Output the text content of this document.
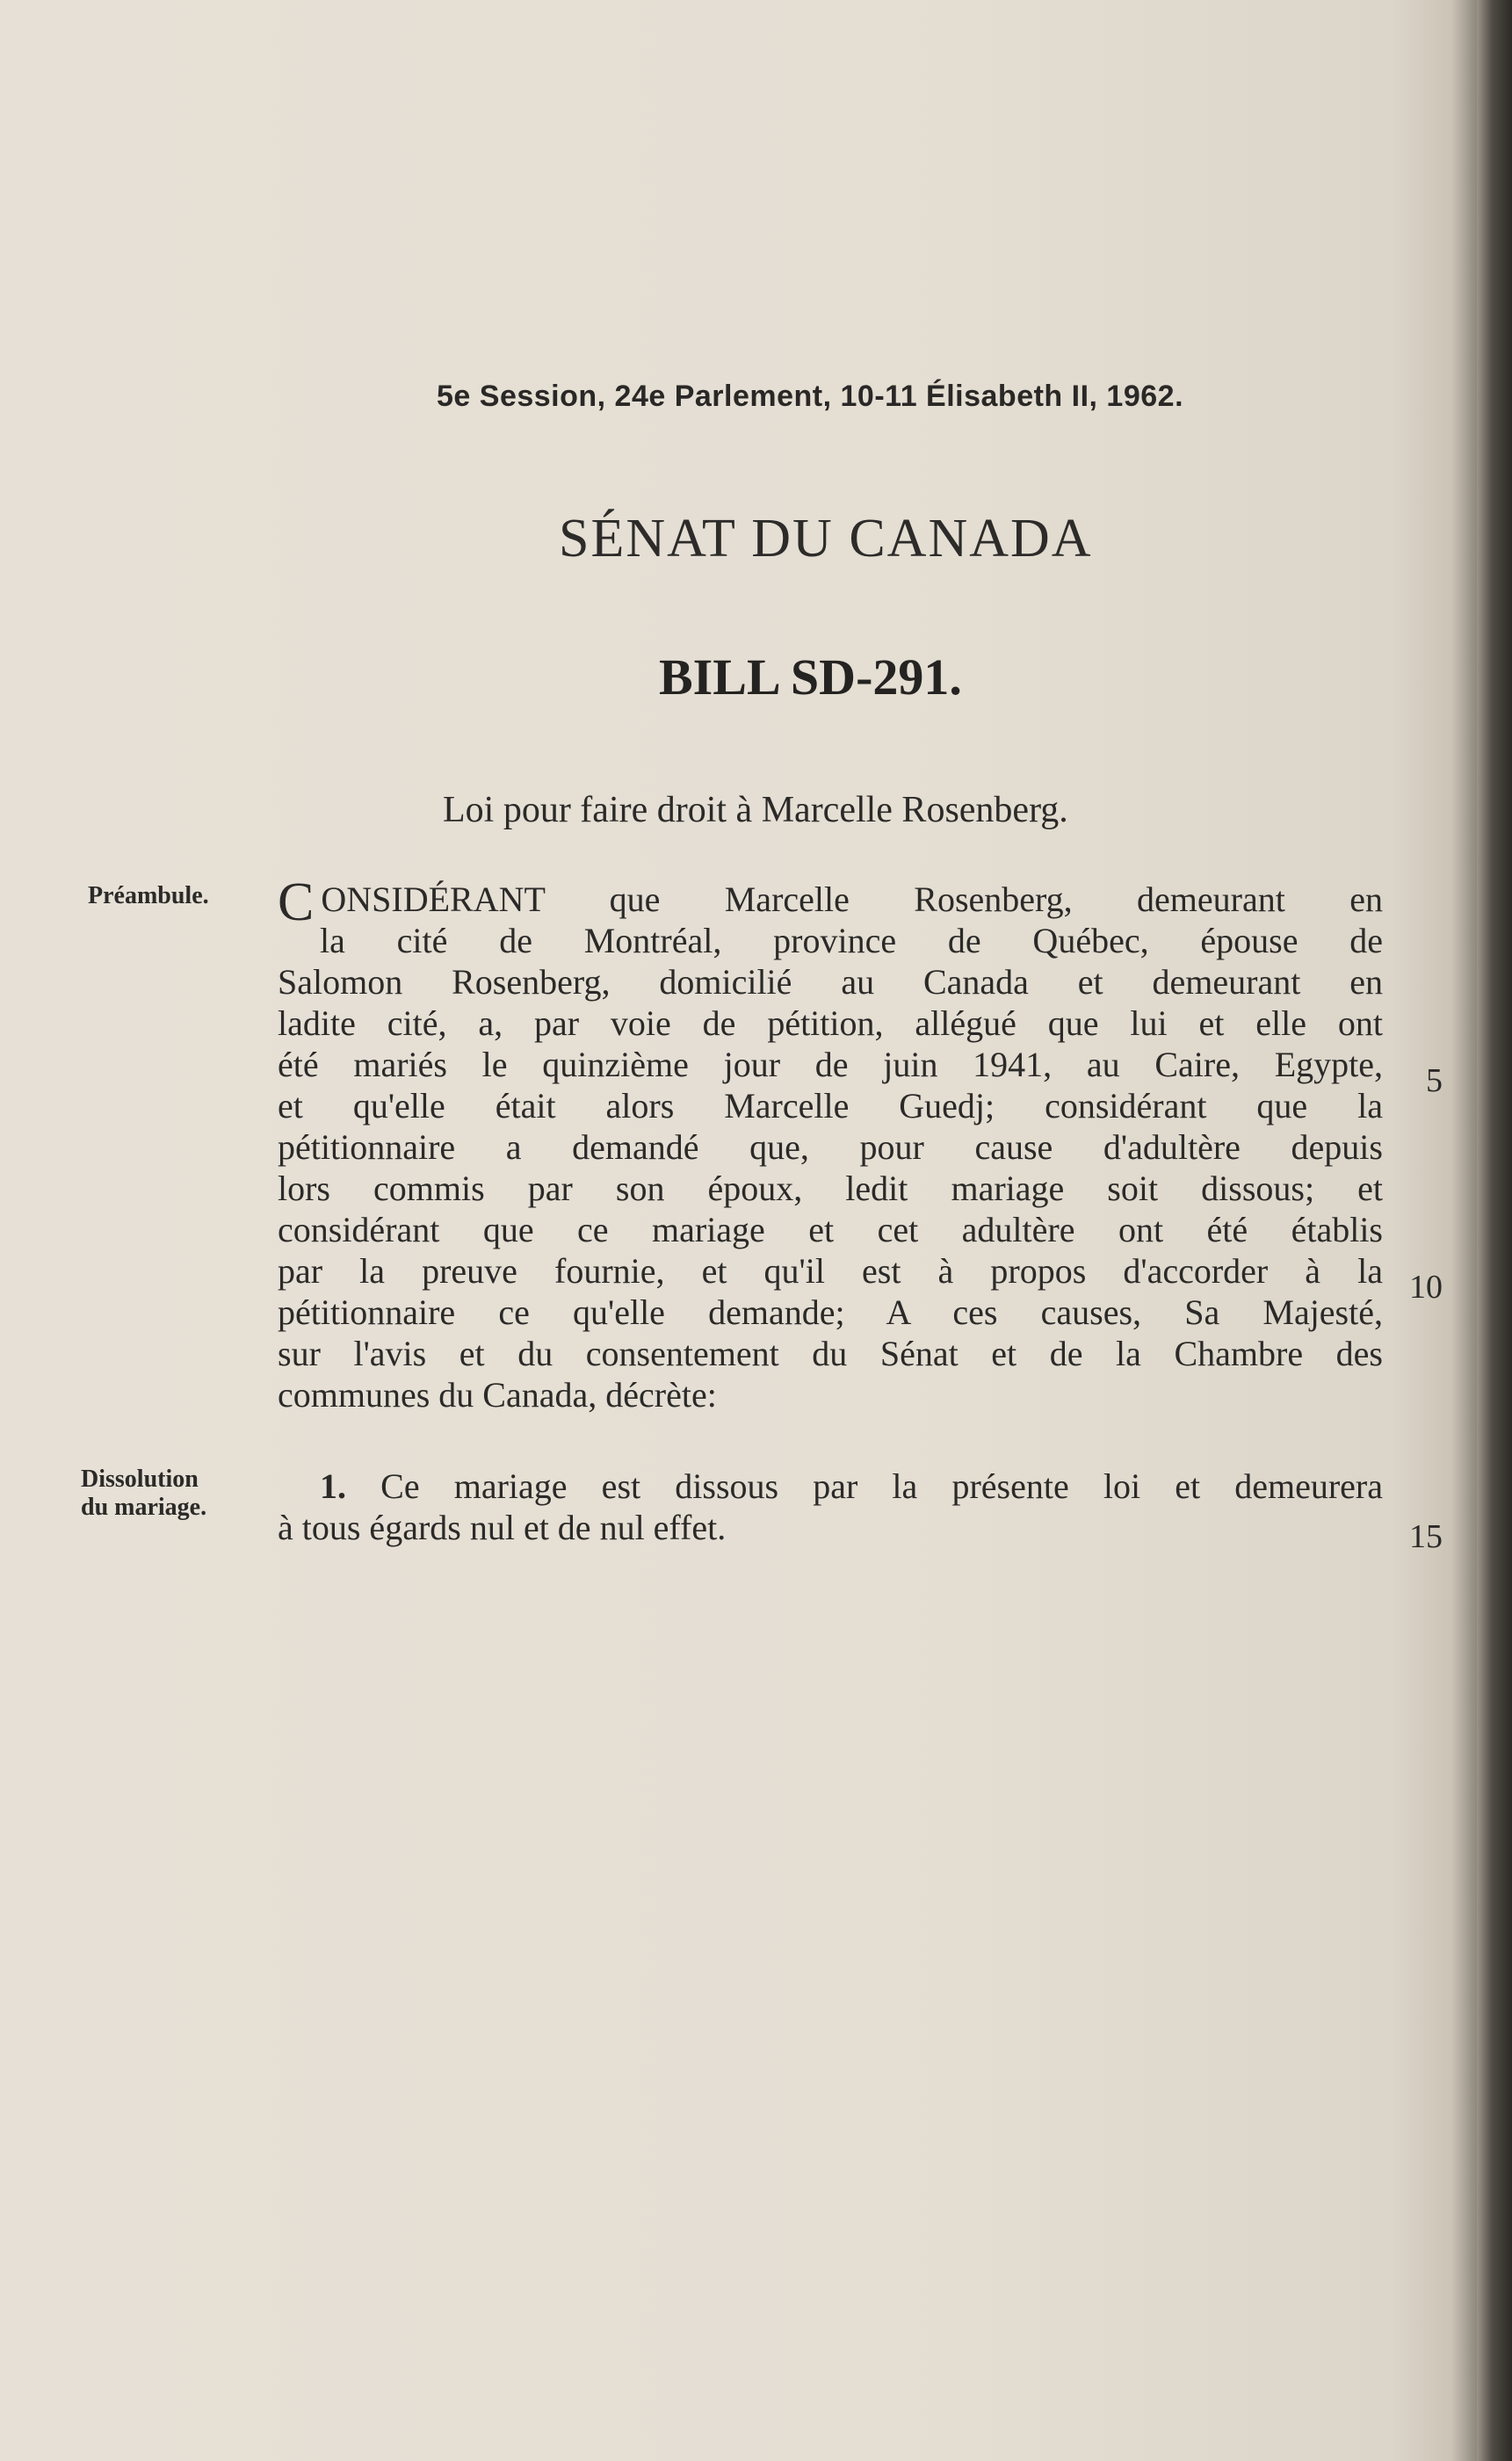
5e Session, 24e Parlement, 10-11 Élisabeth II, 1962.
SÉNAT DU CANADA
BILL SD-291.
Loi pour faire droit à Marcelle Rosenberg.
Préambule. CONSIDÉRANT que Marcelle Rosenberg, demeurant en

la cité de Montréal, province de Québec, épouse de

Salomon Rosenberg, domicilié au Canada et demeurant en

ladite cité, a, par voie de pétition, allégué que lui et elle ont

été mariés le quinzième jour de juin 1941, au Caire, Egypte,

et qu'elle était alors Marcelle Guedj; considérant que la

pétitionnaire a demandé que, pour cause d'adultère depuis

lors commis par son époux, ledit mariage soit dissous; et

considérant que ce mariage et cet adultère ont été établis

par la preuve fournie, et qu'il est à propos d'accorder à la

pétitionnaire ce qu'elle demande; A ces causes, Sa Majesté,

sur l'avis et du consentement du Sénat et de la Chambre des

communes du Canada, décrète:

Dissolution
du mariage.

1. Ce mariage est dissous par la présente loi et demeurera

à tous égards nul et de nul effet.

5
10
15
